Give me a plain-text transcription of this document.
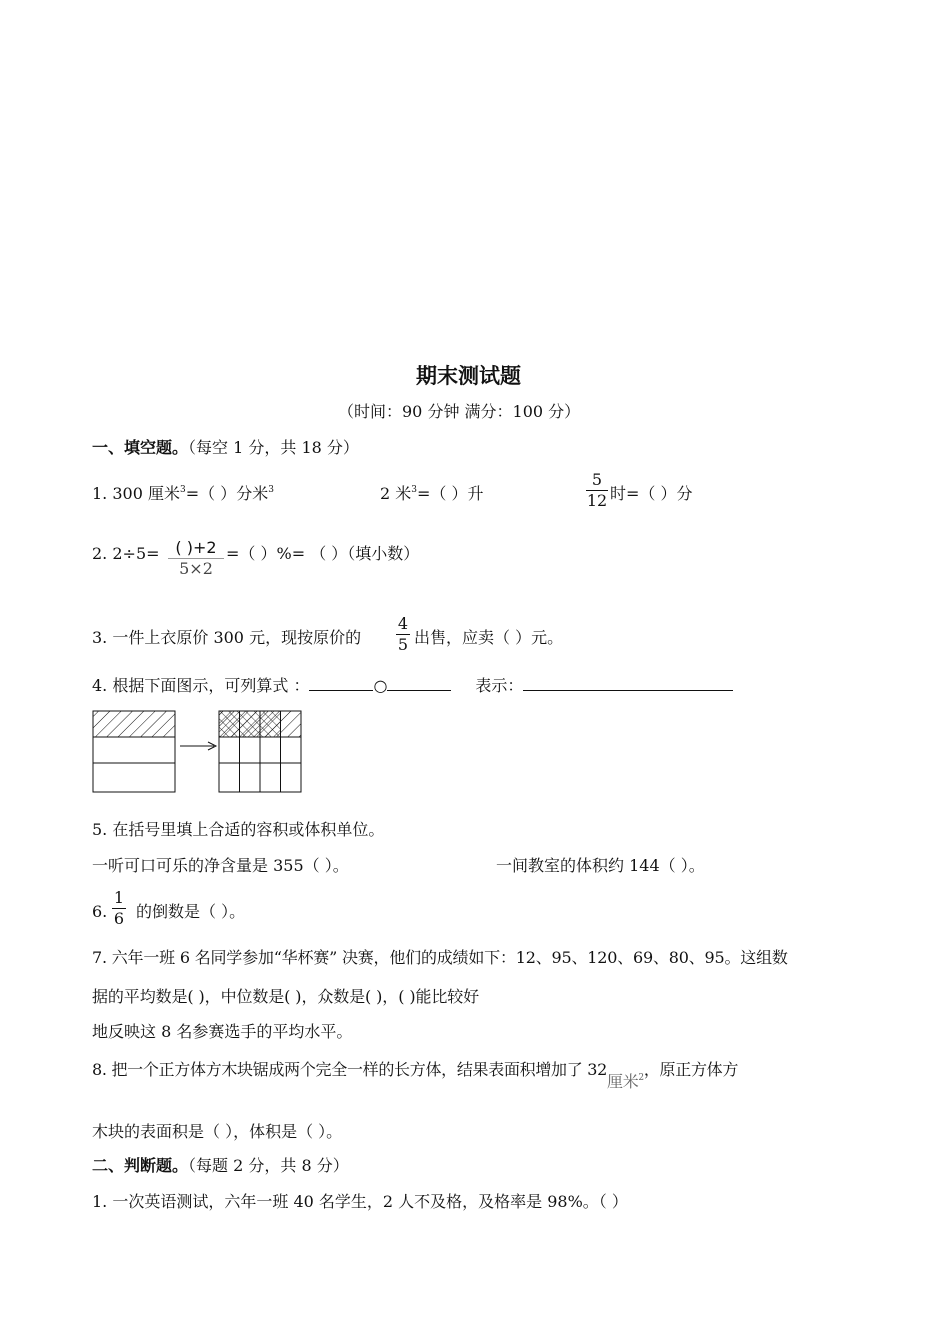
期末测试题
（时间：90 分钟 满分：100 分）
一、填空题。（每空 1 分，共 18 分）
1. 300 厘米$^3$=（ ）分米$^3$	2 米$^3$=（ ）升
5
12 时=（ ）分
2. 2÷5= ( )+2
5×2
=（ ）%= （ ）（填小数）
3. 一件上衣原价 300 元，现按原价的
4
5 出售，应卖（ ）元。
4. 根据下面图示，可列算式 ：	○	表示：
5. 在括号里填上合适的容积或体积单位。
一听可口可乐的净含量是 355（ ）。	一间教室的体积约 144（ ）。
6.
1
6 的倒数是（ ）。
7. 六年一班 6 名同学参加“华杯赛” 决赛，他们的成绩如下：12、95、120、69、80、95。这组数
据的平均数是( )，中位数是( )，众数是( )，( )能比较好
地反映这 8 名参赛选手的平均水平。
8. 把一个正方体方木块锯成两个完全一样的长方体，结果表面积增加了 32厘米$^2$，原正方体方
木块的表面积是（ ），体积是（ ）。
二、判断题。（每题 2 分，共 8 分）
1. 一次英语测试，六年一班 40 名学生，2 人不及格，及格率是 98%。（ ）
